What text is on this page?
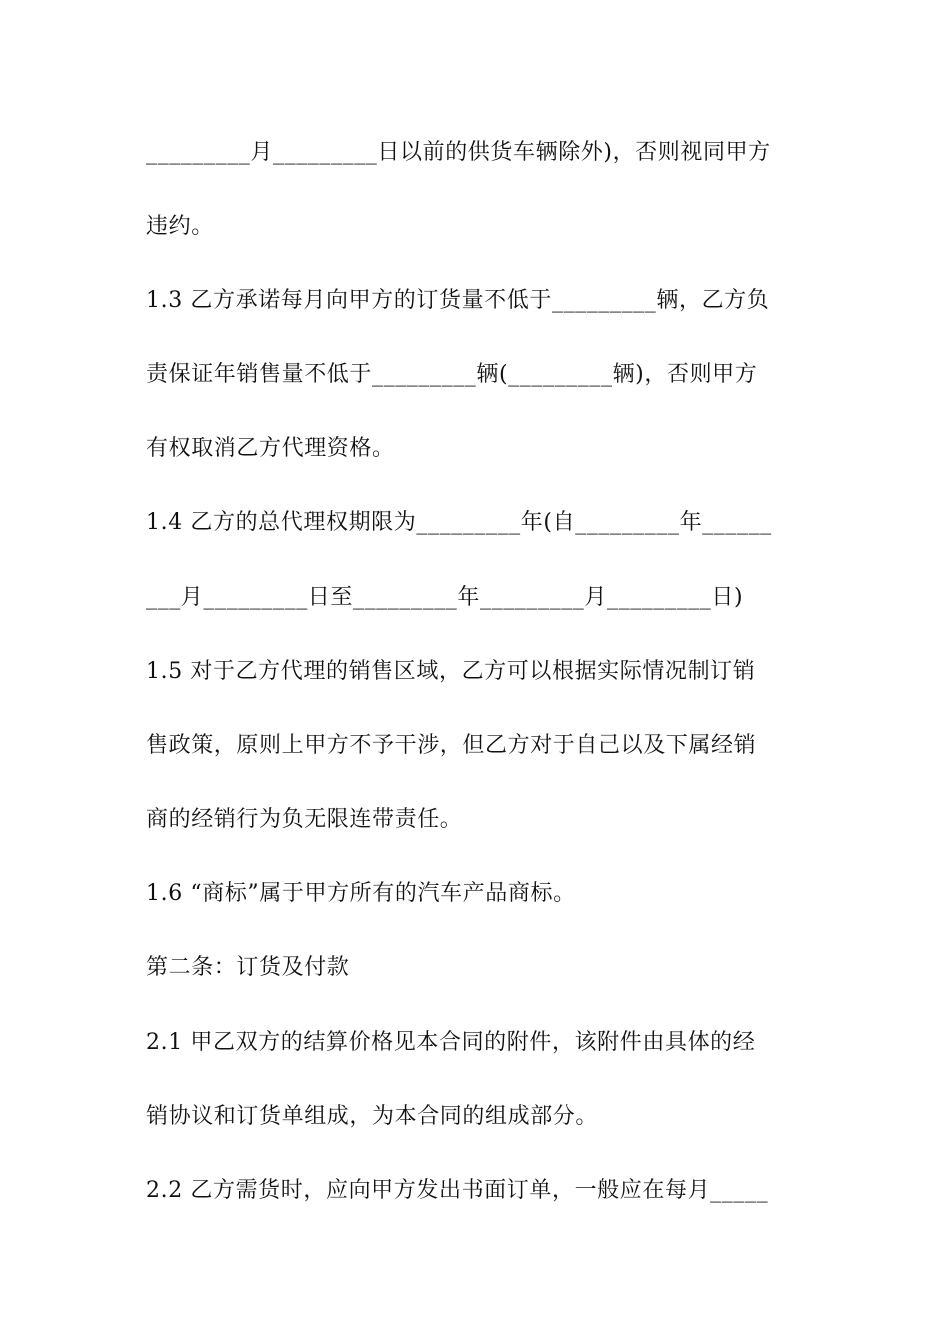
_________月_________日以前的供货车辆除外)，否则视同甲方
违约。
1.3 乙方承诺每月向甲方的订货量不低于_________辆，乙方负
责保证年销售量不低于_________辆(_________辆)，否则甲方
有权取消乙方代理资格。
1.4 乙方的总代理权期限为_________年(自_________年______
___月_________日至_________年_________月_________日)
1.5 对于乙方代理的销售区域，乙方可以根据实际情况制订销
售政策，原则上甲方不予干涉，但乙方对于自己以及下属经销
商的经销行为负无限连带责任。
1.6 “商标”属于甲方所有的汽车产品商标。
第二条：订货及付款
2.1 甲乙双方的结算价格见本合同的附件，该附件由具体的经
销协议和订货单组成，为本合同的组成部分。
2.2 乙方需货时，应向甲方发出书面订单，一般应在每月_____
